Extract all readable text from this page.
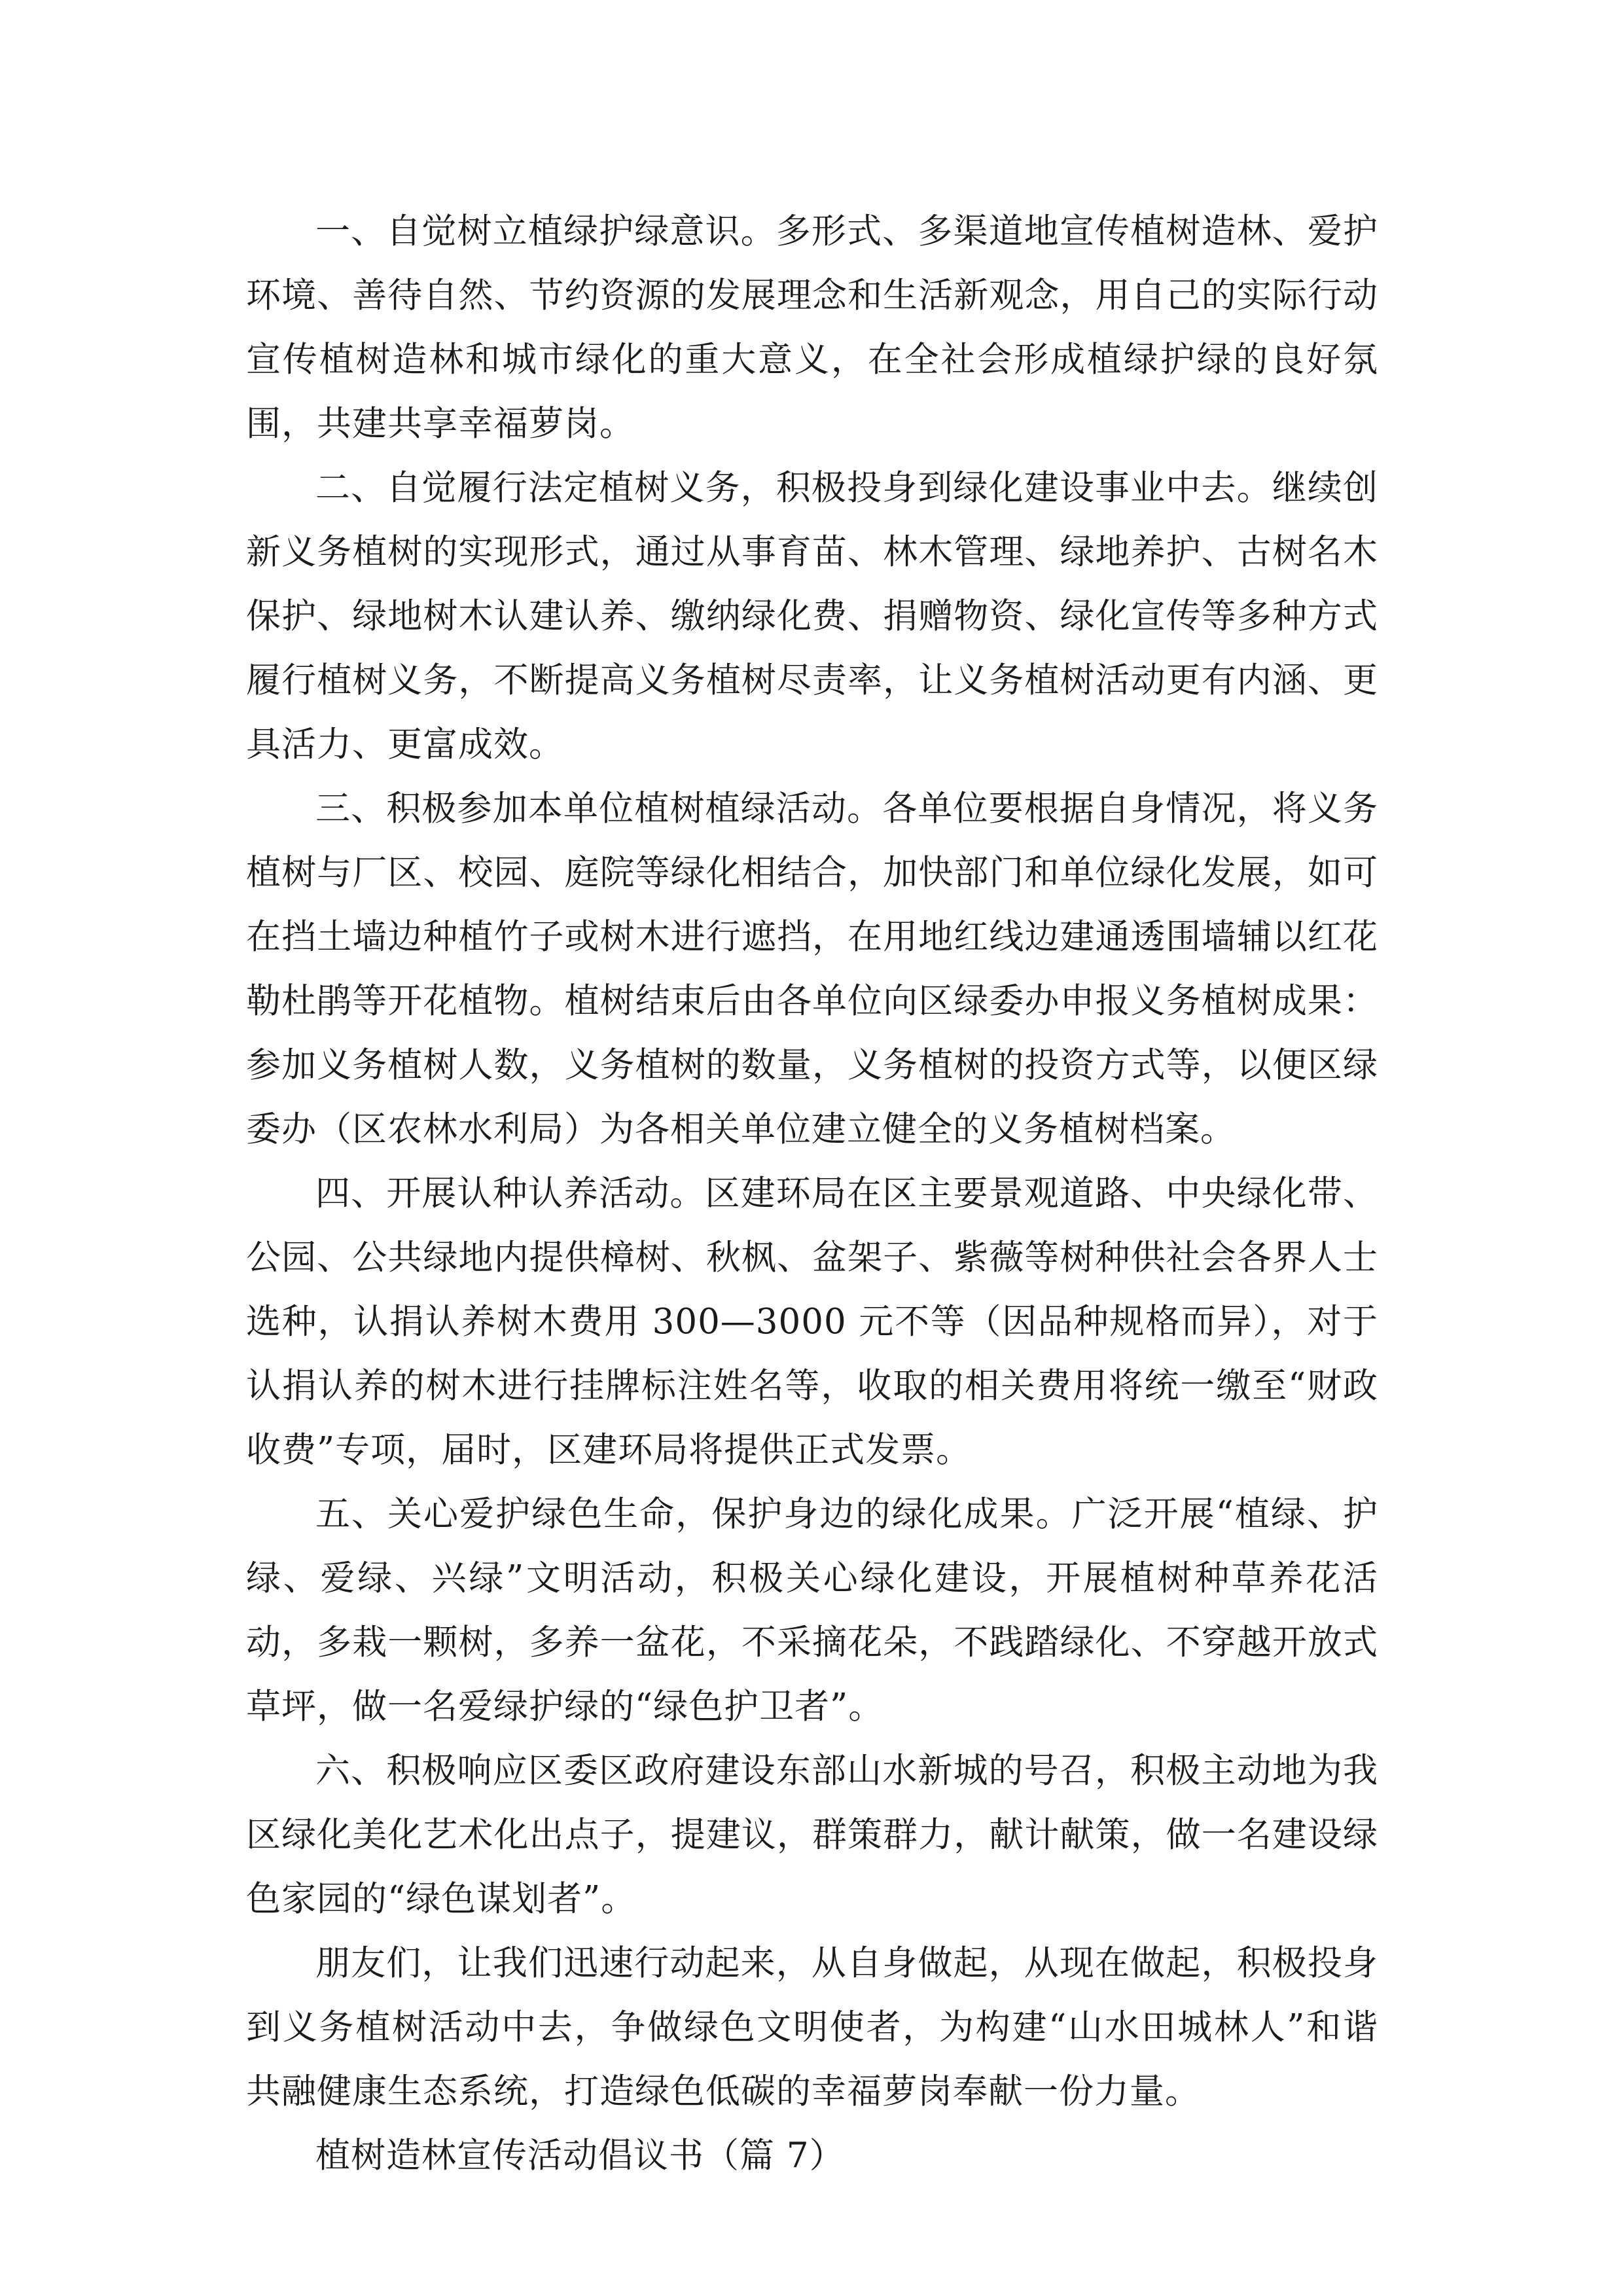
一、自觉树立植绿护绿意识。多形式、多渠道地宣传植树造林、爱护环境、善待自然、节约资源的发展理念和生活新观念，用自己的实际行动宣传植树造林和城市绿化的重大意义，在全社会形成植绿护绿的良好氛围，共建共享幸福萝岗。

二、自觉履行法定植树义务，积极投身到绿化建设事业中去。继续创新义务植树的实现形式，通过从事育苗、林木管理、绿地养护、古树名木保护、绿地树木认建认养、缴纳绿化费、捐赠物资、绿化宣传等多种方式履行植树义务，不断提高义务植树尽责率，让义务植树活动更有内涵、更具活力、更富成效。

三、积极参加本单位植树植绿活动。各单位要根据自身情况，将义务植树与厂区、校园、庭院等绿化相结合，加快部门和单位绿化发展，如可在挡土墙边种植竹子或树木进行遮挡，在用地红线边建通透围墙辅以红花勒杜鹃等开花植物。植树结束后由各单位向区绿委办申报义务植树成果：参加义务植树人数，义务植树的数量，义务植树的投资方式等，以便区绿委办（区农林水利局）为各相关单位建立健全的义务植树档案。

四、开展认种认养活动。区建环局在区主要景观道路、中央绿化带、公园、公共绿地内提供樟树、秋枫、盆架子、紫薇等树种供社会各界人士选种，认捐认养树木费用 300—3000 元不等（因品种规格而异），对于认捐认养的树木进行挂牌标注姓名等，收取的相关费用将统一缴至“财政收费”专项，届时，区建环局将提供正式发票。

五、关心爱护绿色生命，保护身边的绿化成果。广泛开展“植绿、护绿、爱绿、兴绿”文明活动，积极关心绿化建设，开展植树种草养花活动，多栽一颗树，多养一盆花，不采摘花朵，不践踏绿化、不穿越开放式草坪，做一名爱绿护绿的“绿色护卫者”。

六、积极响应区委区政府建设东部山水新城的号召，积极主动地为我区绿化美化艺术化出点子，提建议，群策群力，献计献策，做一名建设绿色家园的“绿色谋划者”。

朋友们，让我们迅速行动起来，从自身做起，从现在做起，积极投身到义务植树活动中去，争做绿色文明使者，为构建“山水田城林人”和谐共融健康生态系统，打造绿色低碳的幸福萝岗奉献一份力量。

植树造林宣传活动倡议书（篇 7）
